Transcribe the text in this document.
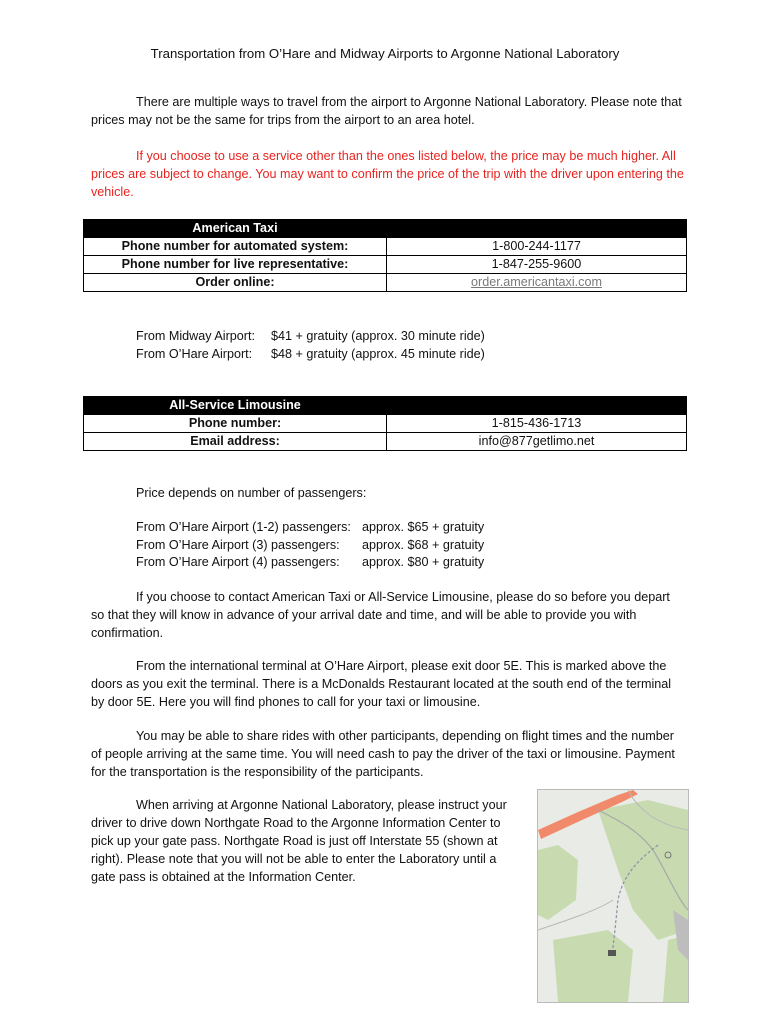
Transportation from O’Hare and Midway Airports to Argonne National Laboratory
There are multiple ways to travel from the airport to Argonne National Laboratory. Please note that prices may not be the same for trips from the airport to an area hotel.
If you choose to use a service other than the ones listed below, the price may be much higher. All prices are subject to change. You may want to confirm the price of the trip with the driver upon entering the vehicle.
American Taxi	

Phone number for automated system:	1-800-244-1177
Phone number for live representative:	1-847-255-9600
Order online:	order.americantaxi.com
From Midway Airport: $41 + gratuity (approx. 30 minute ride)
From O’Hare Airport: $48 + gratuity (approx. 45 minute ride)
All-Service Limousine	

Phone number:	1-815-436-1713
Email address:	info@877getlimo.net
Price depends on number of passengers:
From O’Hare Airport (1-2) passengers: approx. $65 + gratuity
From O’Hare Airport (3) passengers: approx. $68 + gratuity
From O’Hare Airport (4) passengers: approx. $80 + gratuity
If you choose to contact American Taxi or All-Service Limousine, please do so before you depart so that they will know in advance of your arrival date and time, and will be able to provide you with confirmation.
From the international terminal at O’Hare Airport, please exit door 5E. This is marked above the doors as you exit the terminal. There is a McDonalds Restaurant located at the south end of the terminal by door 5E. Here you will find phones to call for your taxi or limousine.
You may be able to share rides with other participants, depending on flight times and the number of people arriving at the same time. You will need cash to pay the driver of the taxi or limousine. Payment for the transportation is the responsibility of the participants.
When arriving at Argonne National Laboratory, please instruct your driver to drive down Northgate Road to the Argonne Information Center to pick up your gate pass. Northgate Road is just off Interstate 55 (shown at right). Please note that you will not be able to enter the Laboratory until a gate pass is obtained at the Information Center.
